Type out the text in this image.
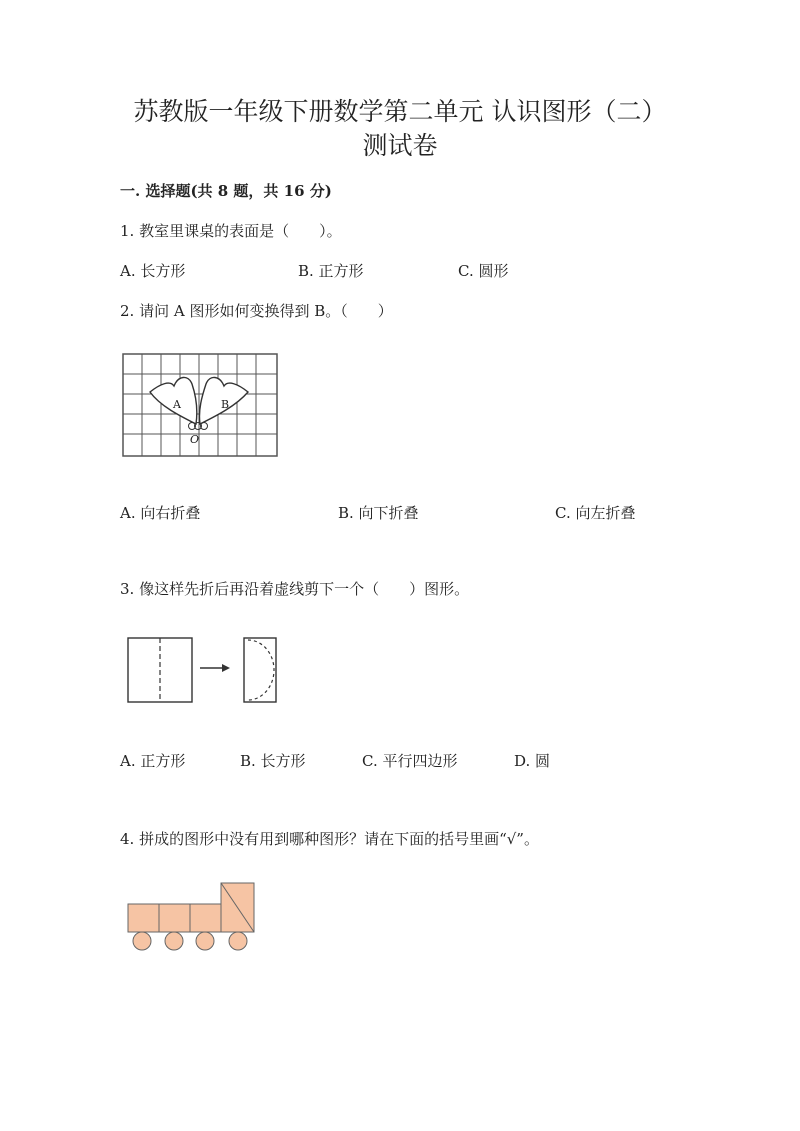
苏教版一年级下册数学第二单元 认识图形（二）
测试卷
一. 选择题(共 8 题，共 16 分)
1. 教室里课桌的表面是（　　）。
A. 长方形	B. 正方形	C. 圆形
2. 请问 A 图形如何变换得到 B。（　　）
A	B
O
A. 向右折叠	B. 向下折叠	C. 向左折叠
3. 像这样先折后再沿着虚线剪下一个（　　）图形。
A. 正方形	B. 长方形	C. 平行四边形	D. 圆
4. 拼成的图形中没有用到哪种图形？请在下面的括号里画“√”。
